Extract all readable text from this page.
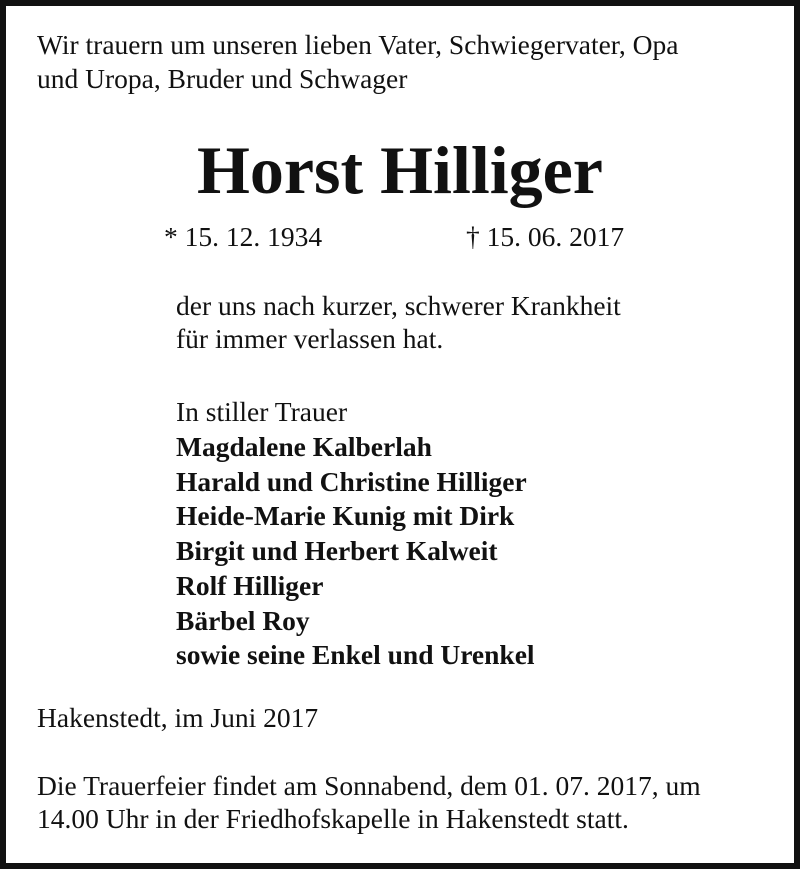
Wir trauern um unseren lieben Vater, Schwiegervater, Opa
und Uropa, Bruder und Schwager
Horst Hilliger
* 15. 12. 1934	† 15. 06. 2017
der uns nach kurzer, schwerer Krankheit
für immer verlassen hat.
In stiller Trauer
Magdalene Kalberlah
Harald und Christine Hilliger
Heide-Marie Kunig mit Dirk
Birgit und Herbert Kalweit
Rolf Hilliger
Bärbel Roy
sowie seine Enkel und Urenkel
Hakenstedt, im Juni 2017
Die Trauerfeier findet am Sonnabend, dem 01. 07. 2017, um
14.00 Uhr in der Friedhofskapelle in Hakenstedt statt.
